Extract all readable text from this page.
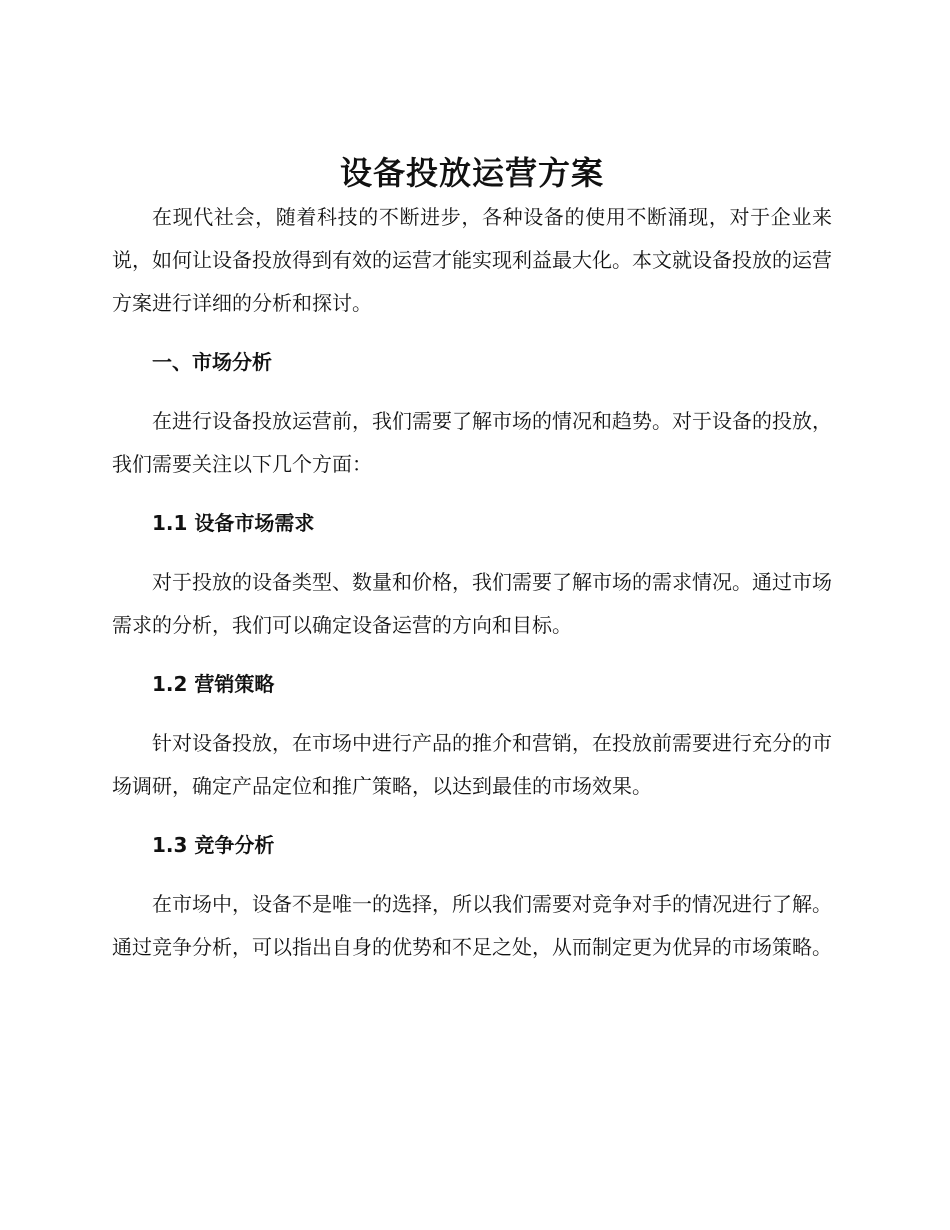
设备投放运营方案

在现代社会，随着科技的不断进步，各种设备的使用不断涌现，对于企业来说，如何让设备投放得到有效的运营才能实现利益最大化。本文就设备投放的运营方案进行详细的分析和探讨。

一、市场分析

在进行设备投放运营前，我们需要了解市场的情况和趋势。对于设备的投放，我们需要关注以下几个方面：

1.1 设备市场需求

对于投放的设备类型、数量和价格，我们需要了解市场的需求情况。通过市场需求的分析，我们可以确定设备运营的方向和目标。

1.2 营销策略

针对设备投放，在市场中进行产品的推介和营销，在投放前需要进行充分的市场调研，确定产品定位和推广策略，以达到最佳的市场效果。

1.3 竞争分析

在市场中，设备不是唯一的选择，所以我们需要对竞争对手的情况进行了解。通过竞争分析，可以指出自身的优势和不足之处，从而制定更为优异的市场策略。
